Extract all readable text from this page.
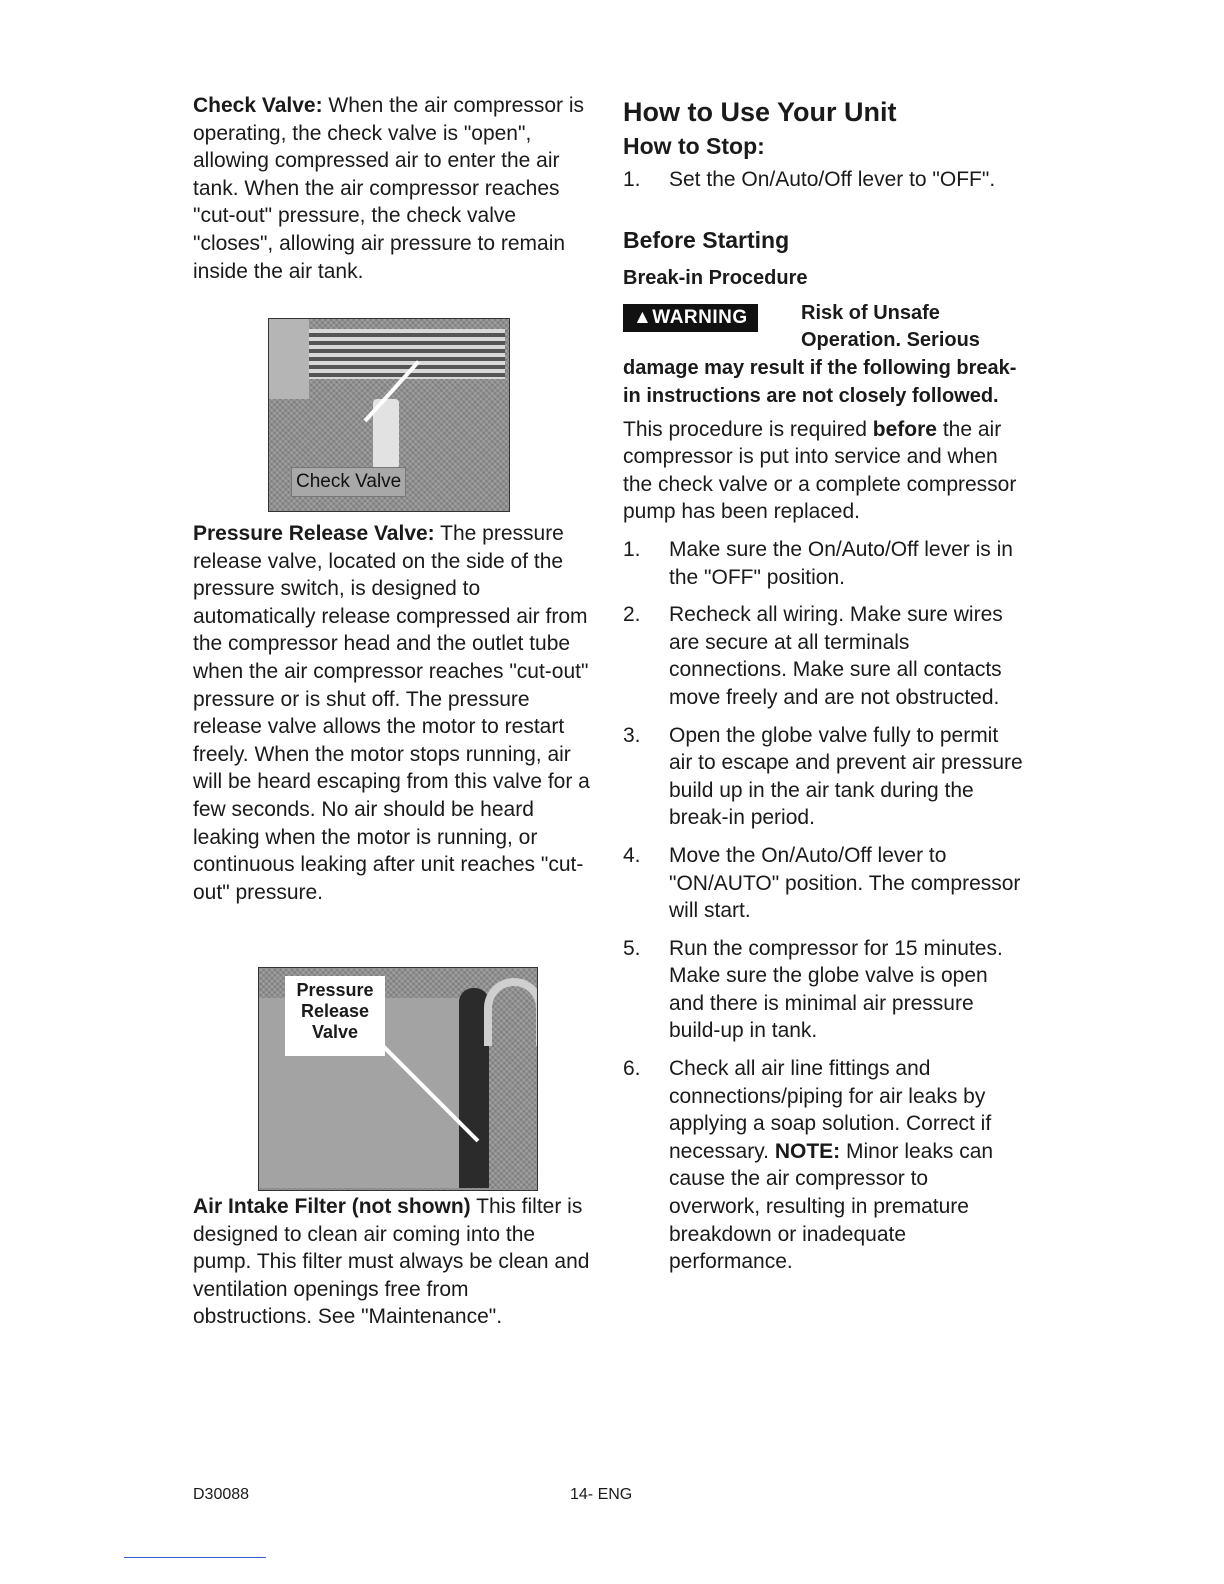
Check Valve: When the air compressor is operating, the check valve is "open", allowing compressed air to enter the air tank. When the air compressor reaches "cut-out" pressure, the check valve "closes", allowing air pressure to remain inside the air tank.

Check Valve

Pressure Release Valve: The pressure release valve, located on the side of the pressure switch, is designed to automatically release compressed air from the compressor head and the outlet tube when the air compressor reaches "cut-out" pressure or is shut off. The pressure release valve allows the motor to restart freely. When the motor stops running, air will be heard escaping from this valve for a few seconds. No air should be heard leaking when the motor is running, or continuous leaking after unit reaches "cut-out" pressure.

Pressure
Release
Valve

Air Intake Filter (not shown) This filter is designed to clean air coming into the pump. This filter must always be clean and ventilation openings free from obstructions. See "Maintenance".

How to Use Your Unit
How to Stop:

1. Set the On/Auto/Off lever to "OFF".

Before Starting
Break-in Procedure
▲WARNING	Risk of Unsafe
Operation. Serious

damage may result if the following break-in instructions are not closely followed.

This procedure is required before the air compressor is put into service and when the check valve or a complete compressor pump has been replaced.

1. Make sure the On/Auto/Off lever is in the "OFF" position.
2. Recheck all wiring. Make sure wires are secure at all terminals connections. Make sure all contacts move freely and are not obstructed.
3. Open the globe valve fully to permit air to escape and prevent air pressure build up in the air tank during the break-in period.
4. Move the On/Auto/Off lever to "ON/AUTO" position. The compressor will start.
5. Run the compressor for 15 minutes. Make sure the globe valve is open and there is minimal air pressure build-up in tank.
6. Check all air line fittings and connections/piping for air leaks by applying a soap solution. Correct if necessary. NOTE: Minor leaks can cause the air compressor to overwork, resulting in premature breakdown or inadequate performance.
D30088	14- ENG
